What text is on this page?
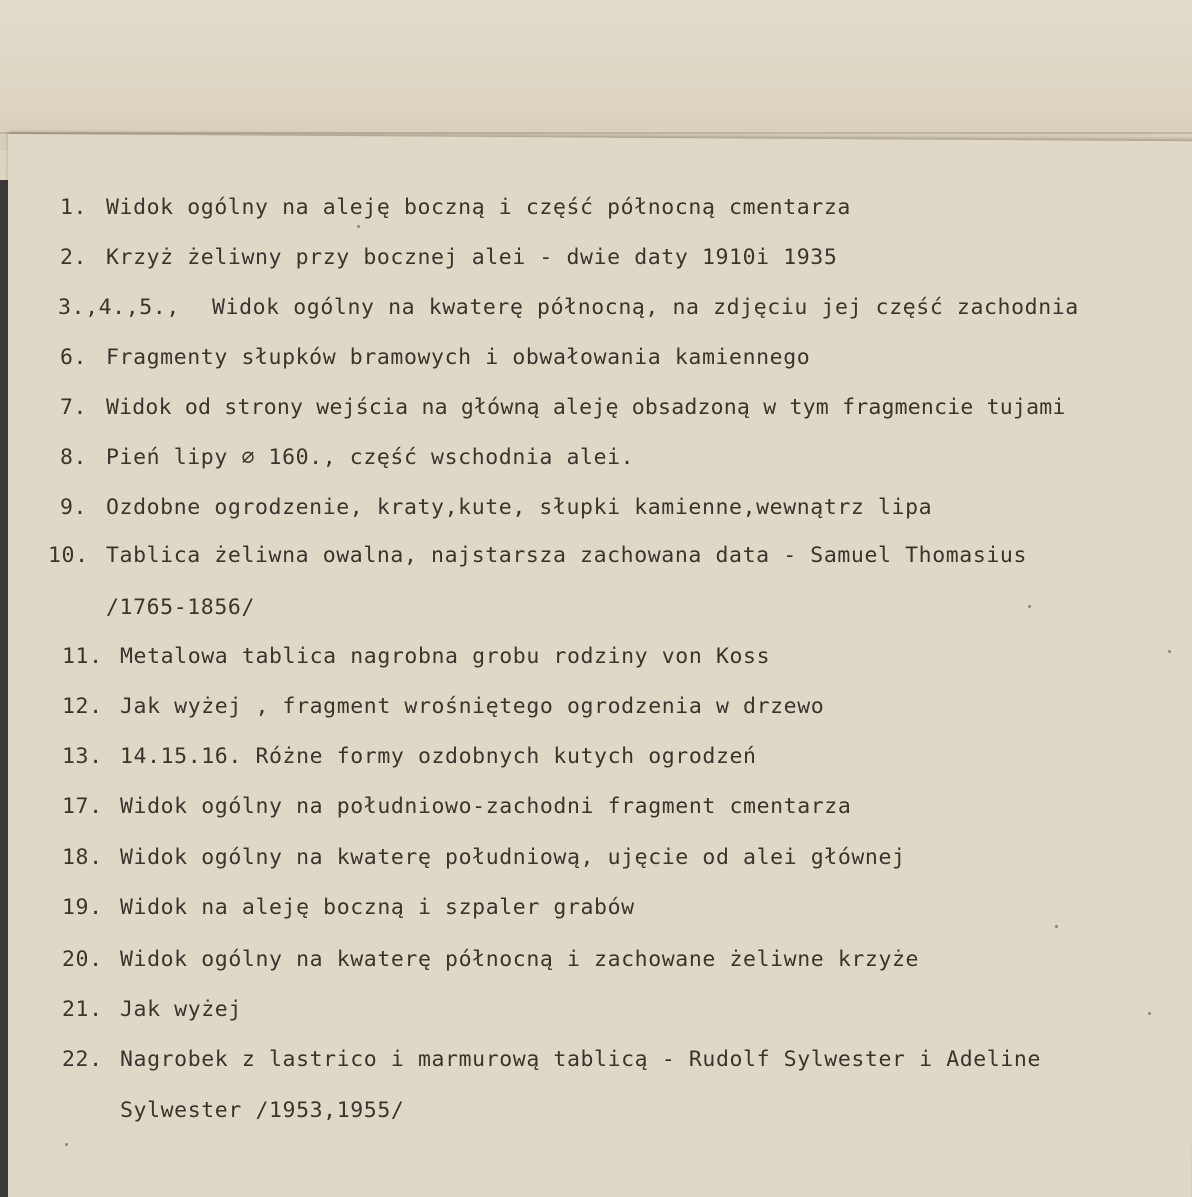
1.

Widok ogólny na aleję boczną i część północną cmentarza

2.

Krzyż żeliwny przy bocznej alei - dwie daty 1910i 1935

3.,4.,5.,

Widok ogólny na kwaterę północną, na zdjęciu jej część zachodnia

6.

Fragmenty słupków bramowych i obwałowania kamiennego

7.

Widok od strony wejścia na główną aleję obsadzoną w tym fragmencie tujami

8.

Pień lipy ∅ 160., część wschodnia alei.

9.

Ozdobne ogrodzenie, kraty,kute, słupki kamienne,wewnątrz lipa

10.

Tablica żeliwna owalna, najstarsza zachowana data - Samuel Thomasius

/1765-1856/

11.

Metalowa tablica nagrobna grobu rodziny von Koss

12.

Jak wyżej , fragment wrośniętego ogrodzenia w drzewo

13.

14.15.16. Różne formy ozdobnych kutych ogrodzeń

17.

Widok ogólny na południowo-zachodni fragment cmentarza

18.

Widok ogólny na kwaterę południową, ujęcie od alei głównej

19.

Widok na aleję boczną i szpaler grabów

20.

Widok ogólny na kwaterę północną i zachowane żeliwne krzyże

21.

Jak wyżej

22.

Nagrobek z lastrico i marmurową tablicą - Rudolf Sylwester i Adeline

Sylwester /1953,1955/
